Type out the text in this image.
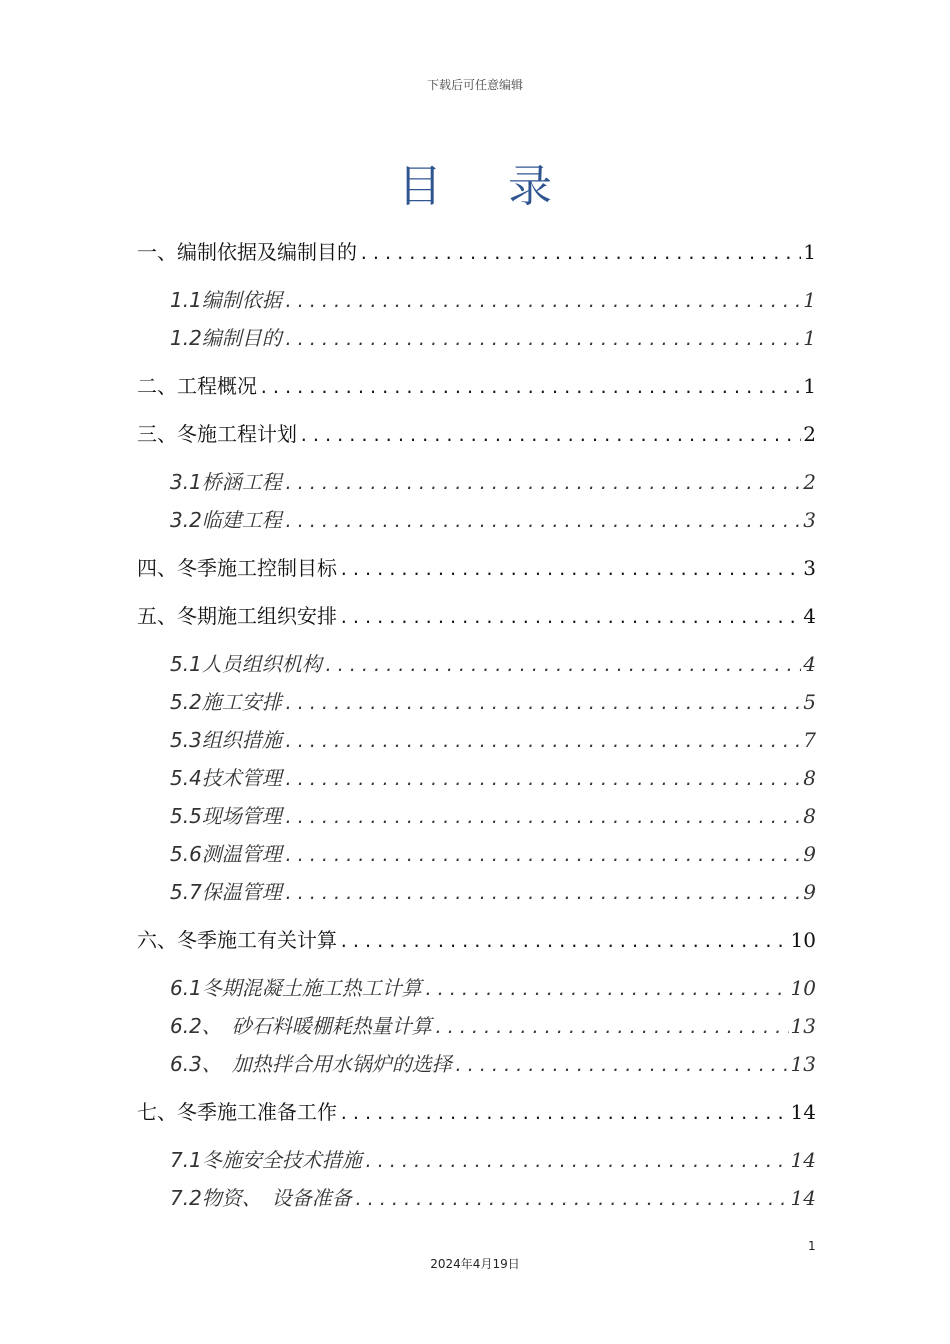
下载后可任意编辑
目 录
一、 编制依据及编制目的 .....	1
1.1编制依据 .....	1
1.2编制目的 .....	1
二、 工程概况 .....	1
三、 冬施工程计划 .....	2
3.1桥涵工程 .....	2
3.2临建工程 .....	3
四、 冬季施工控制目标 .....	3
五、 冬期施工组织安排 .....	4
5.1人员组织机构 .....	4
5.2施工安排 .....	5
5.3组织措施 .....	7
5.4技术管理 .....	8
5.5现场管理 .....	8
5.6测温管理 .....	9
5.7保温管理 .....	9
六、 冬季施工有关计算 .....	10
6.1冬期混凝土施工热工计算 .....	10
6.2、　砂石料暖棚耗热量计算 .....	13
6.3、　加热拌合用水锅炉的选择 .....	13
七、 冬季施工准备工作 .....	14
7.1冬施安全技术措施 .....	14
7.2物资、　设备准备 .....	14
1
2024年4月19日
